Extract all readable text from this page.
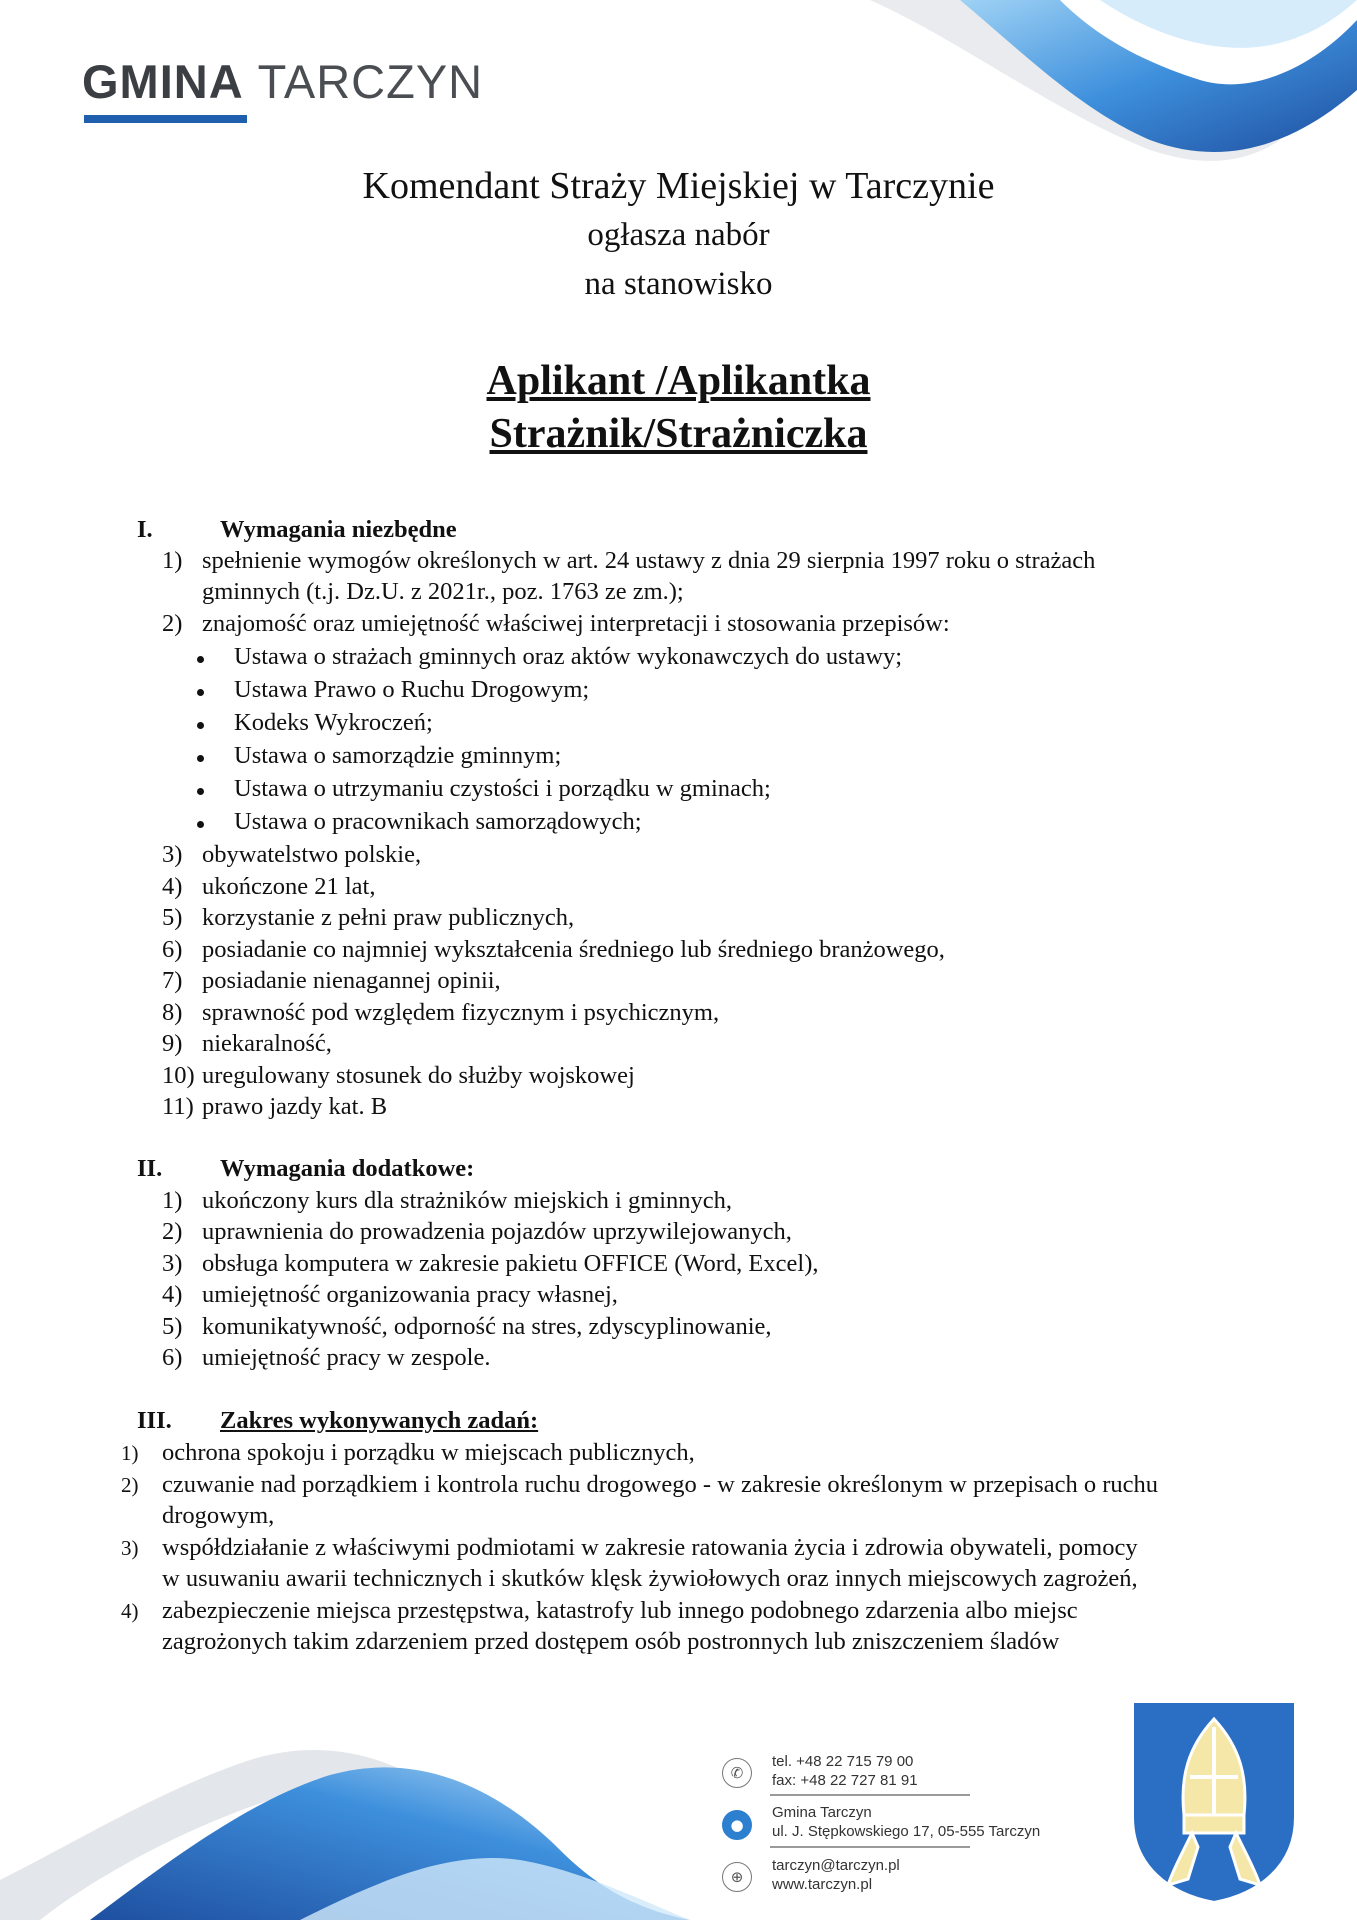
GMINA TARCZYN
Komendant Straży Miejskiej w Tarczynie
ogłasza nabór
na stanowisko
Aplikant /Aplikantka
Strażnik/Strażniczka
I.	Wymagania niezbędne
1) spełnienie wymogów określonych w art. 24 ustawy z dnia 29 sierpnia 1997 roku o strażach
gminnych (t.j. Dz.U. z 2021r., poz. 1763 ze zm.);
2) znajomość oraz umiejętność właściwej interpretacji i stosowania przepisów:
Ustawa o strażach gminnych oraz aktów wykonawczych do ustawy;
Ustawa Prawo o Ruchu Drogowym;
Kodeks Wykroczeń;
Ustawa o samorządzie gminnym;
Ustawa o utrzymaniu czystości i porządku w gminach;
Ustawa o pracownikach samorządowych;
3) obywatelstwo polskie,
4) ukończone 21 lat,
5) korzystanie z pełni praw publicznych,
6) posiadanie co najmniej wykształcenia średniego lub średniego branżowego,
7) posiadanie nienagannej opinii,
8) sprawność pod względem fizycznym i psychicznym,
9) niekaralność,
10) uregulowany stosunek do służby wojskowej
11) prawo jazdy kat. B
II. Wymagania dodatkowe:
1) ukończony kurs dla strażników miejskich i gminnych,
2) uprawnienia do prowadzenia pojazdów uprzywilejowanych,
3) obsługa komputera w zakresie pakietu OFFICE (Word, Excel),
4) umiejętność organizowania pracy własnej,
5) komunikatywność, odporność na stres, zdyscyplinowanie,
6) umiejętność pracy w zespole.
III. Zakres wykonywanych zadań:
1) ochrona spokoju i porządku w miejscach publicznych,
2) czuwanie nad porządkiem i kontrola ruchu drogowego - w zakresie określonym w przepisach o ruchu
drogowym,
3) współdziałanie z właściwymi podmiotami w zakresie ratowania życia i zdrowia obywateli, pomocy
w usuwaniu awarii technicznych i skutków klęsk żywiołowych oraz innych miejscowych zagrożeń,
4) zabezpieczenie miejsca przestępstwa, katastrofy lub innego podobnego zdarzenia albo miejsc
zagrożonych takim zdarzeniem przed dostępem osób postronnych lub zniszczeniem śladów
✆
tel. +48 22 715 79 00
fax: +48 22 727 81 91
●
Gmina Tarczyn
ul. J. Stępkowskiego 17, 05-555 Tarczyn
⊕
tarczyn@tarczyn.pl
www.tarczyn.pl
